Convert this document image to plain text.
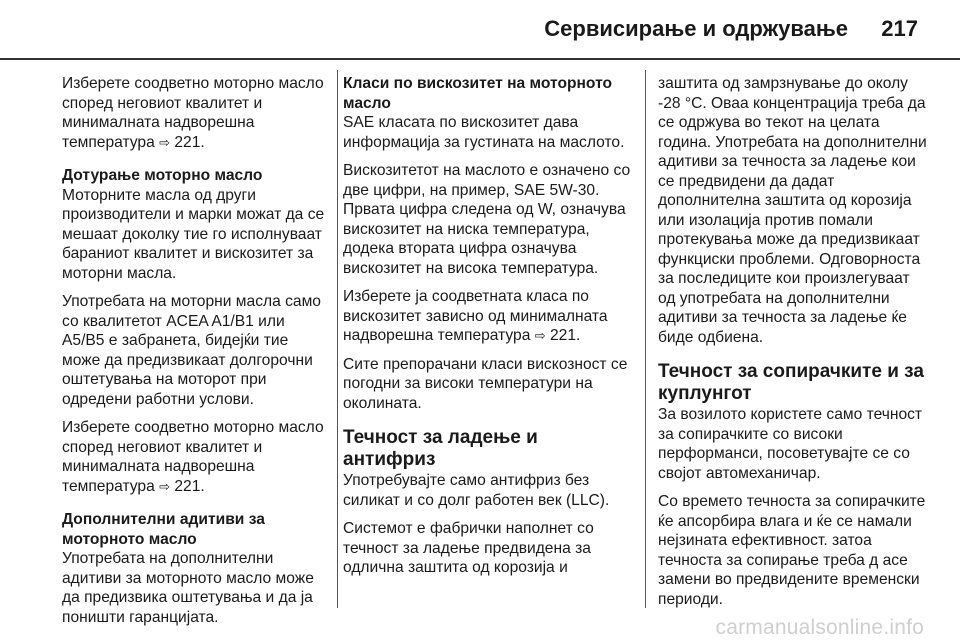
Сервисирање и одржување 217

Изберете соодветно моторно масло според неговиот квалитет и минималната надворешна температура ⇨ 221.

Дотурање моторно масло

Моторните масла од други производители и марки можат да се мешаат доколку тие го исполнуваат бараниот квалитет и вискозитет за моторни масла.

Употребата на моторни масла само со квалитетот ACEA A1/B1 или A5/B5 е забранета, бидејќи тие може да предизвикаат долгорочни оштетувања на моторот при одредени работни услови.

Изберете соодветно моторно масло според неговиот квалитет и минималната надворешна температура ⇨ 221.

Дополнителни адитиви за моторното масло

Употребата на дополнителни адитиви за моторното масло може да предизвика оштетувања и да ја поништи гаранцијата.

Класи по вискозитет на моторното масло

SAE класата по вискозитет дава информација за густината на маслото.

Вискозитетот на маслото е означено со две цифри, на пример, SAE 5W-30. Првата цифра следена од W, означува вискозитет на ниска температура, додека втората цифра означува вискозитет на висока температура.

Изберете ја соодветната класа по вискозитет зависно од минималната надворешна температура ⇨ 221.

Сите препорачани класи вискозност се погодни за високи температури на околината.

Течност за ладење и антифриз

Употребувајте само антифриз без силикат и со долг работен век (LLC).

Системот е фабрички наполнет со течност за ладење предвидена за одлична заштита од корозија и

заштита од замрзнување до околу -28 °C. Оваа концентрација треба да се одржува во текот на целата година. Употребата на дополнителни адитиви за течноста за ладење кои се предвидени да дадат дополнителна заштита од корозија или изолација против помали протекувања може да предизвикаат функциски проблеми. Одговорноста за последиците кои произлегуваат од употребата на дополнителни адитиви за течноста за ладење ќе биде одбиена.

Течност за сопирачките и за куплунгот

За возилото користете само течност за сопирачките со високи перформанси, посоветувајте се со својот автомеханичар.

Со времето течноста за сопирачките ќе апсорбира влага и ќе се намали нејзината ефективност. затоа течноста за сопирање треба д асе замени во предвидените временски периоди.

carmanualsonline.info
